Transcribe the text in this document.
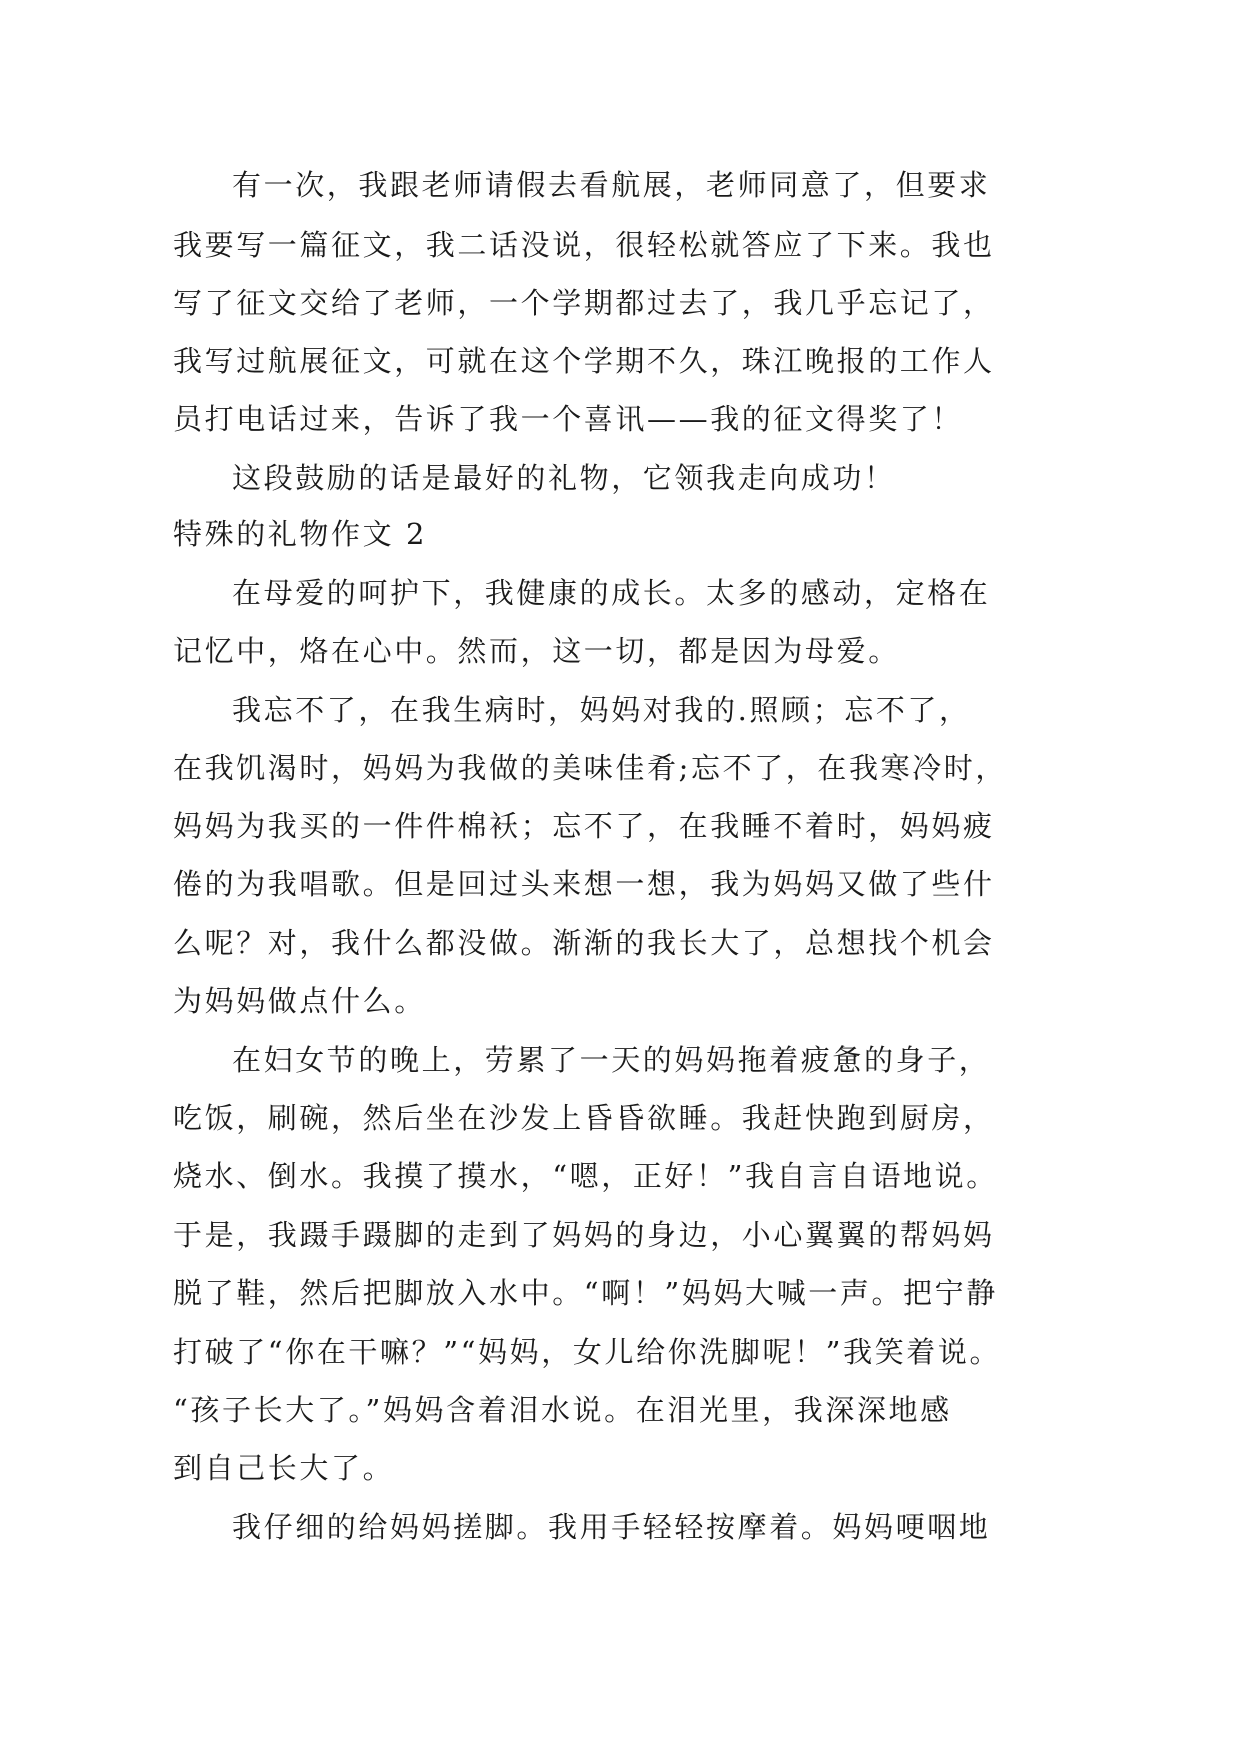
有一次，我跟老师请假去看航展，老师同意了，但要求
我要写一篇征文，我二话没说，很轻松就答应了下来。我也
写了征文交给了老师，一个学期都过去了，我几乎忘记了，
我写过航展征文，可就在这个学期不久，珠江晚报的工作人
员打电话过来，告诉了我一个喜讯——我的征文得奖了！
这段鼓励的话是最好的礼物，它领我走向成功！
特殊的礼物作文 2
在母爱的呵护下，我健康的成长。太多的感动，定格在
记忆中，烙在心中。然而，这一切，都是因为母爱。
我忘不了，在我生病时，妈妈对我的.照顾；忘不了，
在我饥渴时，妈妈为我做的美味佳肴;忘不了，在我寒冷时，
妈妈为我买的一件件棉袄；忘不了，在我睡不着时，妈妈疲
倦的为我唱歌。但是回过头来想一想，我为妈妈又做了些什
么呢？对，我什么都没做。渐渐的我长大了，总想找个机会
为妈妈做点什么。
在妇女节的晚上，劳累了一天的妈妈拖着疲惫的身子，
吃饭，刷碗，然后坐在沙发上昏昏欲睡。我赶快跑到厨房，
烧水、倒水。我摸了摸水，“嗯，正好！”我自言自语地说。
于是，我蹑手蹑脚的走到了妈妈的身边，小心翼翼的帮妈妈
脱了鞋，然后把脚放入水中。“啊！”妈妈大喊一声。把宁静
打破了“你在干嘛？”“妈妈，女儿给你洗脚呢！”我笑着说。
“孩子长大了。”妈妈含着泪水说。在泪光里，我深深地感
到自己长大了。
我仔细的给妈妈搓脚。我用手轻轻按摩着。妈妈哽咽地
